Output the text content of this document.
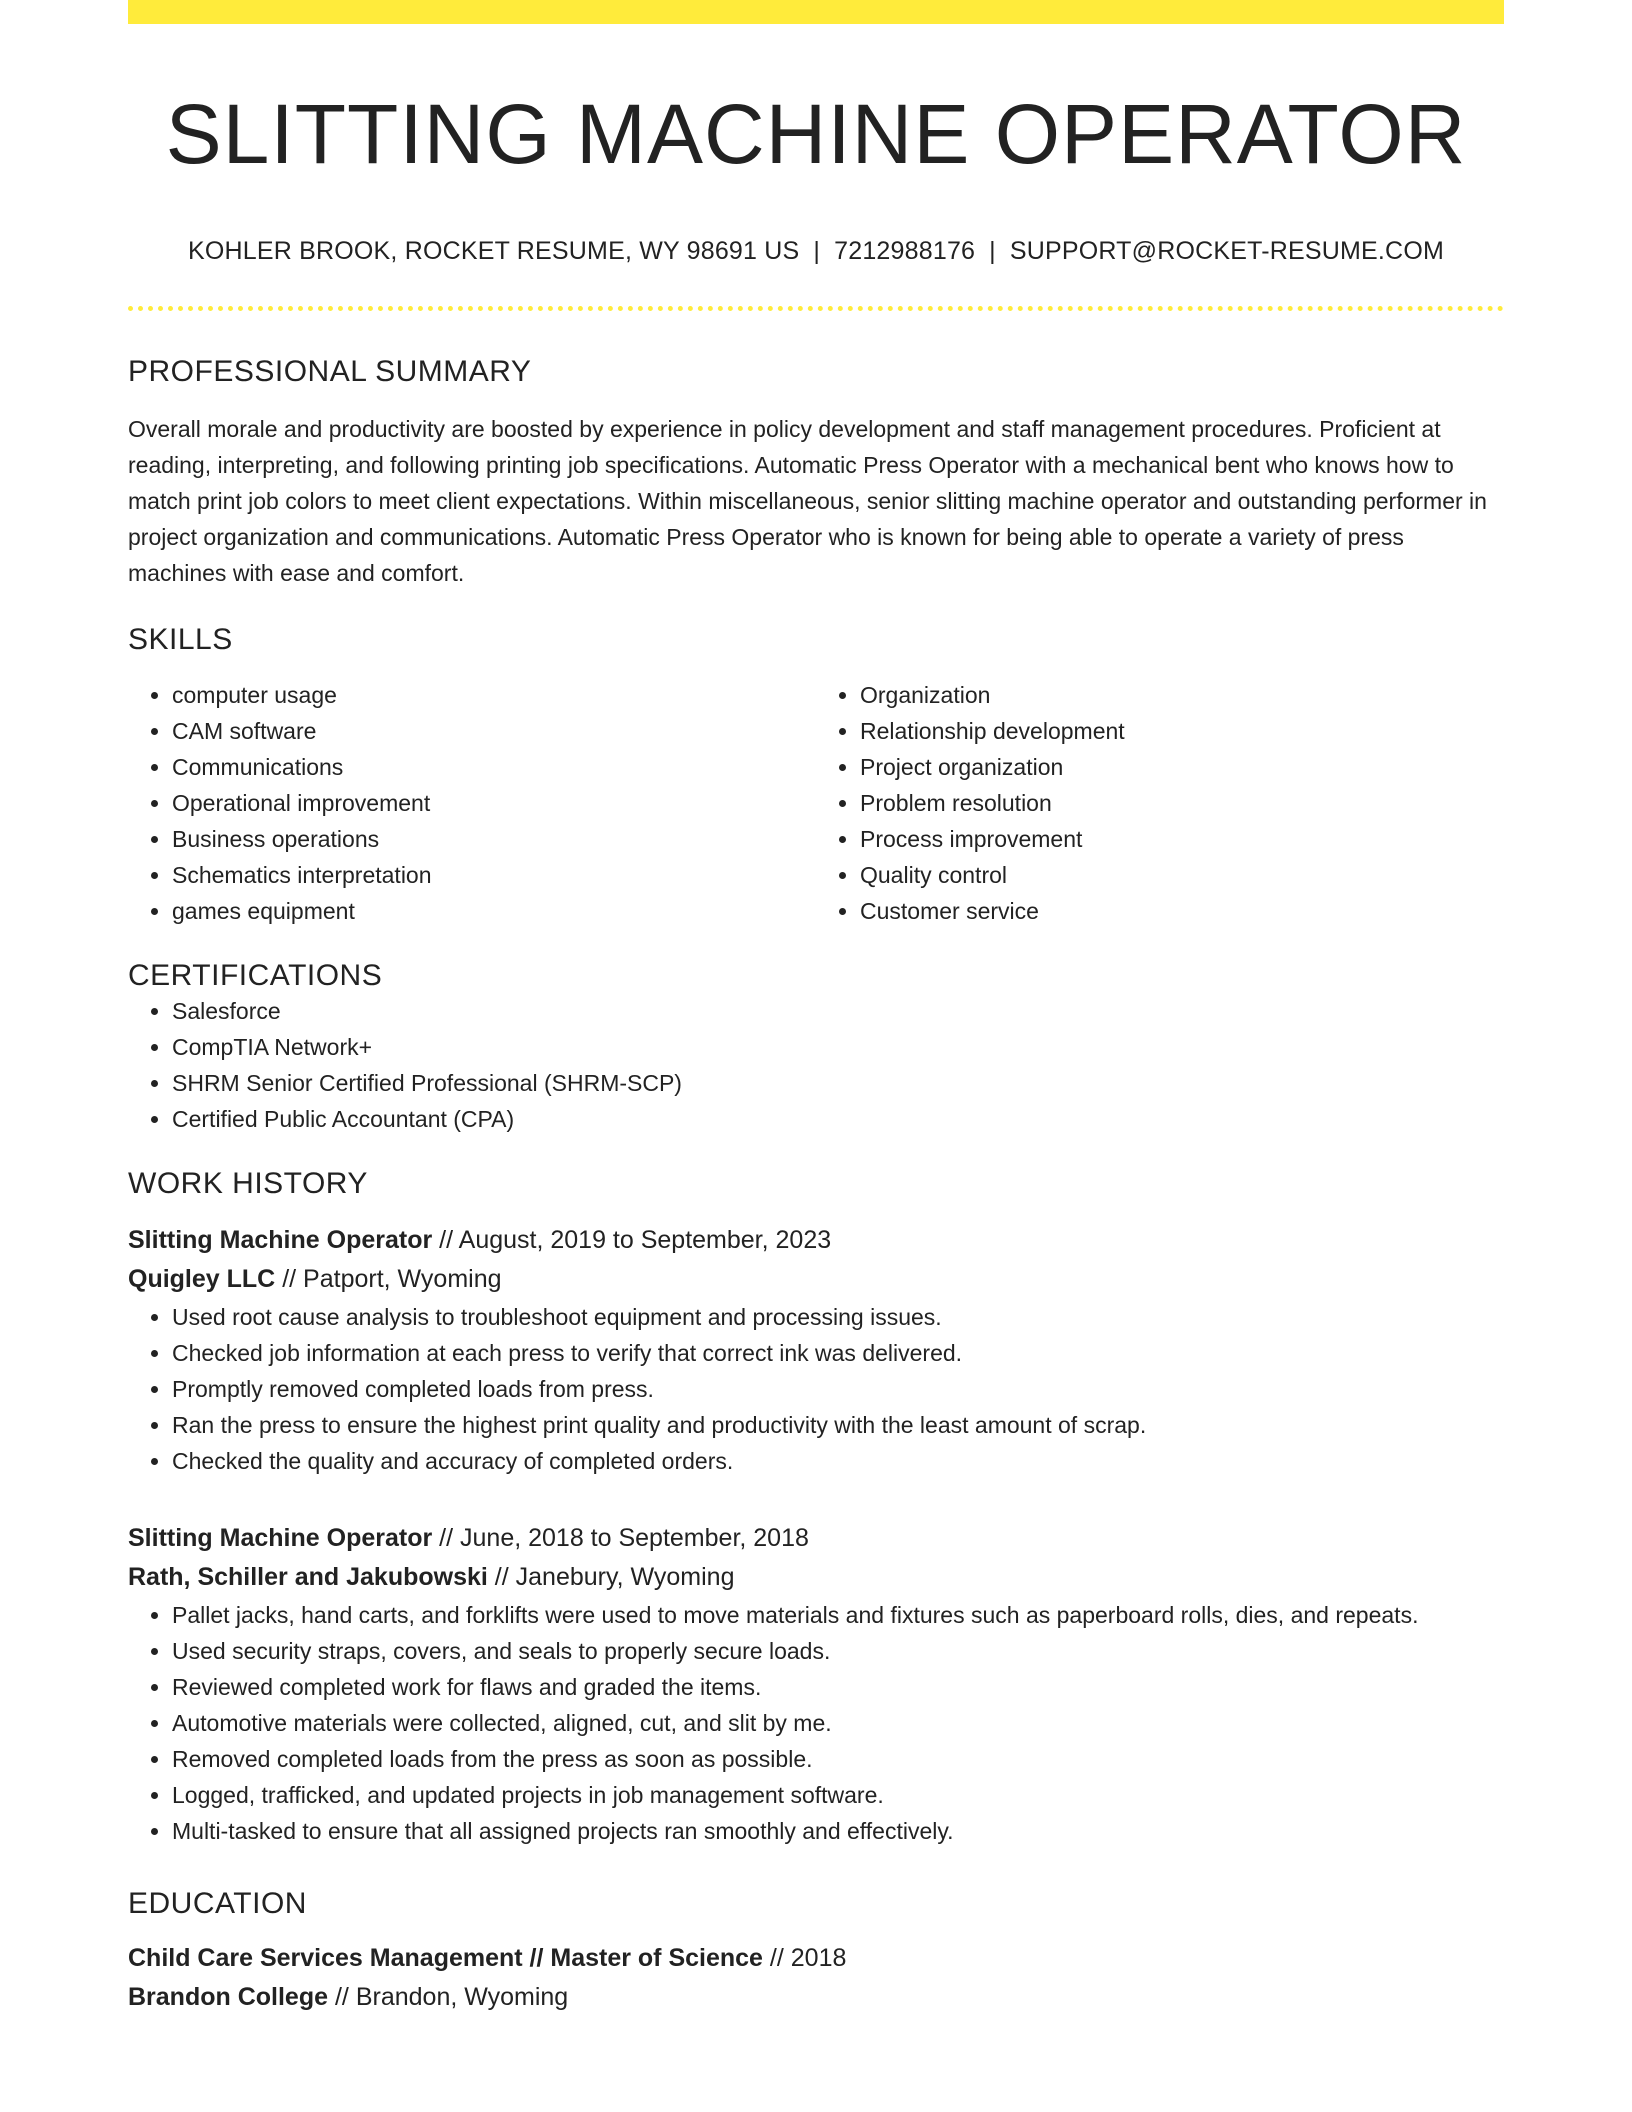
SLITTING MACHINE OPERATOR
KOHLER BROOK, ROCKET RESUME, WY 98691 US | 7212988176 | SUPPORT@ROCKET-RESUME.COM
PROFESSIONAL SUMMARY

Overall morale and productivity are boosted by experience in policy development and staff management procedures. Proficient at reading, interpreting, and following printing job specifications. Automatic Press Operator with a mechanical bent who knows how to match print job colors to meet client expectations. Within miscellaneous, senior slitting machine operator and outstanding performer in project organization and communications. Automatic Press Operator who is known for being able to operate a variety of press machines with ease and comfort.

SKILLS
• computer usage
• CAM software
• Communications
• Operational improvement
• Business operations
• Schematics interpretation
• games equipment
• Organization
• Relationship development
• Project organization
• Problem resolution
• Process improvement
• Quality control
• Customer service
CERTIFICATIONS
• Salesforce
• CompTIA Network+
• SHRM Senior Certified Professional (SHRM-SCP)
• Certified Public Accountant (CPA)
WORK HISTORY
Slitting Machine Operator // August, 2019 to September, 2023
Quigley LLC // Patport, Wyoming
• Used root cause analysis to troubleshoot equipment and processing issues.
• Checked job information at each press to verify that correct ink was delivered.
• Promptly removed completed loads from press.
• Ran the press to ensure the highest print quality and productivity with the least amount of scrap.
• Checked the quality and accuracy of completed orders.
Slitting Machine Operator // June, 2018 to September, 2018
Rath, Schiller and Jakubowski // Janebury, Wyoming
• Pallet jacks, hand carts, and forklifts were used to move materials and fixtures such as paperboard rolls, dies, and repeats.
• Used security straps, covers, and seals to properly secure loads.
• Reviewed completed work for flaws and graded the items.
• Automotive materials were collected, aligned, cut, and slit by me.
• Removed completed loads from the press as soon as possible.
• Logged, trafficked, and updated projects in job management software.
• Multi-tasked to ensure that all assigned projects ran smoothly and effectively.
EDUCATION
Child Care Services Management // Master of Science // 2018
Brandon College // Brandon, Wyoming
